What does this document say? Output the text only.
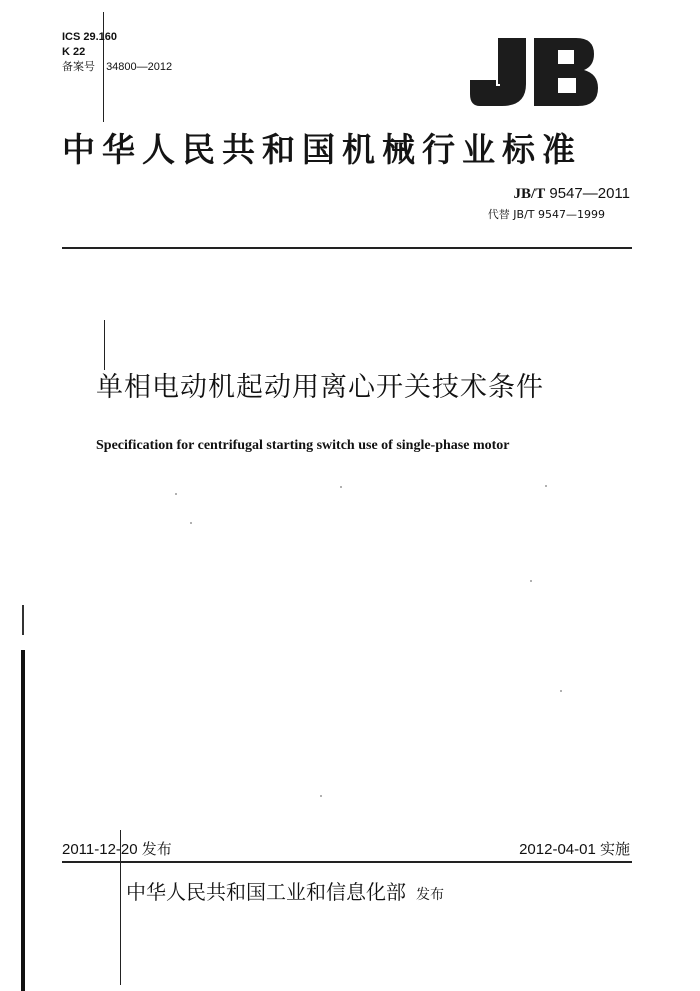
ICS 29.160
K 22
备案号 34800—2012
中华人民共和国机械行业标准
JB/T 9547—2011
代替 JB/T 9547—1999
单相电动机起动用离心开关技术条件
Specification for centrifugal starting switch use of single-phase motor
2011-12-20 发布	2012-04-01 实施
中华人民共和国工业和信息化部 发布
